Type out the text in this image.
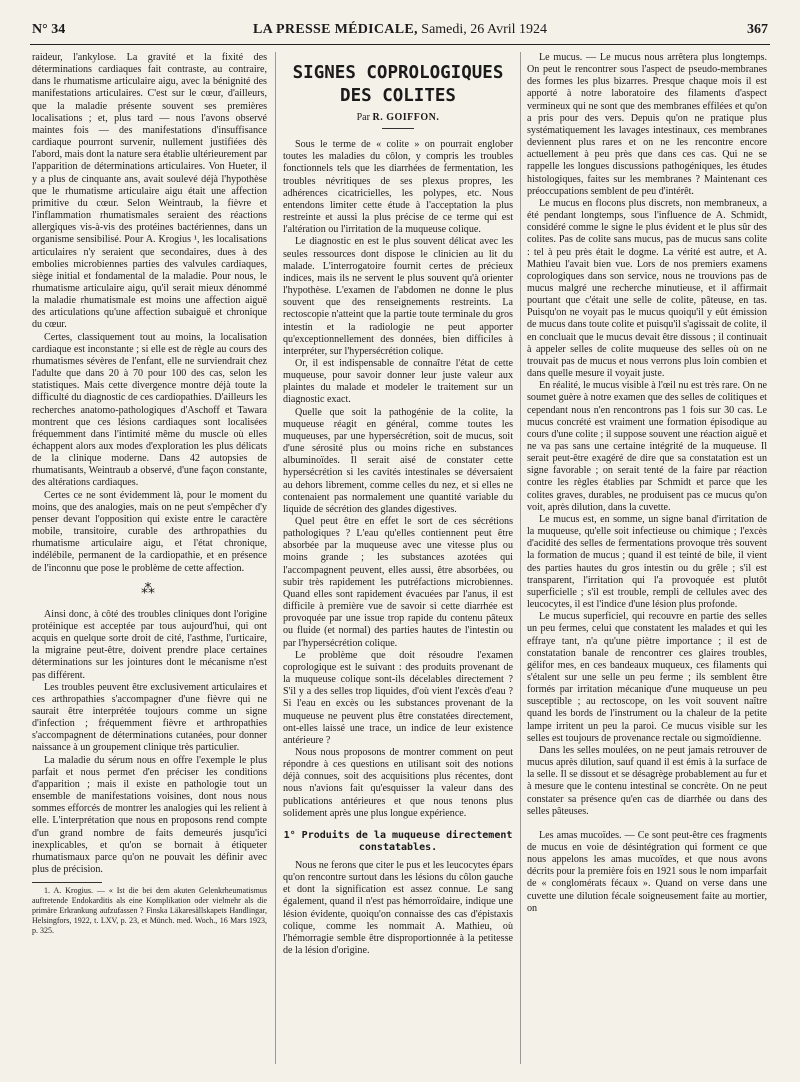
N° 34	LA PRESSE MÉDICALE, Samedi, 26 Avril 1924	367

raideur, l'ankylose. La gravité et la fixité des déterminations cardiaques fait contraste, au contraire, dans le rhumatisme articulaire aigu, avec la bénignité des manifestations articulaires. C'est sur le cœur, d'ailleurs, que la maladie présente souvent ses premières localisations ; et, plus tard — nous l'avons observé maintes fois — des manifestations d'insuffisance cardiaque pourront survenir, nullement justifiées dès l'abord, mais dont la nature sera établie ultérieurement par l'apparition de déterminations articulaires. Von Hueter, il y a plus de cinquante ans, avait soulevé déjà l'hypothèse que le rhumatisme articulaire aigu était une affection primitive du cœur. Selon Weintraub, la fièvre et l'inflammation rhumatismales seraient des réactions allergiques vis-à-vis des protéines bactériennes, dans un organisme sensibilisé. Pour A. Krogius ¹, les localisations articulaires n'y seraient que secondaires, dues à des embolies microbiennes parties des valvules cardiaques, siège initial et fondamental de la maladie. Pour nous, le rhumatisme articulaire aigu, qu'il serait mieux dénommé la maladie rhumatismale est moins une affection aiguë des articulations qu'une affection subaiguë et chronique du cœur.

Certes, classiquement tout au moins, la localisation cardiaque est inconstante ; si elle est de règle au cours des rhumatismes sévères de l'enfant, elle ne surviendrait chez l'adulte que dans 20 à 70 pour 100 des cas, selon les statistiques. Mais cette divergence montre déjà toute la difficulté du diagnostic de ces cardiopathies. D'ailleurs les recherches anatomo-pathologiques d'Aschoff et Tawara montrent que ces lésions cardiaques sont localisées fréquemment dans l'intimité même du muscle où elles échappent alors aux modes d'exploration les plus délicats de la clinique moderne. Dans 42 autopsies de rhumatisants, Weintraub a observé, d'une façon constante, des altérations cardiaques.

Certes ce ne sont évidemment là, pour le moment du moins, que des analogies, mais on ne peut s'empêcher d'y penser devant l'opposition qui existe entre le caractère mobile, transitoire, curable des arthropathies du rhumatisme articulaire aigu, et l'état chronique, indélébile, permanent de la cardiopathie, et en présence de l'inconnu que pose le problème de cette affection.

⁂

Ainsi donc, à côté des troubles cliniques dont l'origine protéinique est acceptée par tous aujourd'hui, qui ont acquis en quelque sorte droit de cité, l'asthme, l'urticaire, la migraine peut-être, doivent prendre place certaines déterminations sur les jointures dont le mécanisme n'est pas différent.

Les troubles peuvent être exclusivement articulaires et ces arthropathies s'accompagner d'une fièvre qui ne saurait être interprétée toujours comme un signe d'infection ; fréquemment fièvre et arthropathies s'accompagnent de déterminations cutanées, pour donner naissance à un groupement clinique très particulier.

La maladie du sérum nous en offre l'exemple le plus parfait et nous permet d'en préciser les conditions d'apparition ; mais il existe en pathologie tout un ensemble de manifestations voisines, dont nous nous sommes efforcés de montrer les analogies qui les relient à elle. L'interprétation que nous en proposons rend compte d'un grand nombre de faits demeurés jusqu'ici inexplicables, et qu'on se bornait à étiqueter rhumatismaux parce qu'on ne pouvait les définir avec plus de précision.

1. A. Krogius. — « Ist die bei dem akuten Gelenkrheumatismus auftretende Endokarditis als eine Komplikation oder vielmehr als die primäre Erkrankung aufzufassen ? Finska Läkaresällskapets Handlingar, Helsingfors, 1922, t. LXV, p. 23, et Münch. med. Woch., 16 Mars 1923, p. 325.

SIGNES COPROLOGIQUES DES COLITES
Par R. GOIFFON.

Sous le terme de « colite » on pourrait englober toutes les maladies du côlon, y compris les troubles fonctionnels tels que les diarrhées de fermentation, les troubles névritiques de ses plexus propres, les adhérences cicatricielles, les polypes, etc. Nous entendons limiter cette étude à l'acceptation la plus restreinte et aussi la plus précise de ce terme qui est l'altération ou l'irritation de la muqueuse colique.

Le diagnostic en est le plus souvent délicat avec les seules ressources dont dispose le clinicien au lit du malade. L'interrogatoire fournit certes de précieux indices, mais ils ne servent le plus souvent qu'à orienter l'hypothèse. L'examen de l'abdomen ne donne le plus souvent que des renseignements restreints. La rectoscopie n'atteint que la partie toute terminale du gros intestin et la radiologie ne peut apporter qu'exceptionnellement des données, bien difficiles à interpréter, sur l'hypersécrétion colique.

Or, il est indispensable de connaître l'état de cette muqueuse, pour savoir donner leur juste valeur aux plaintes du malade et modeler le traitement sur un diagnostic exact.

Quelle que soit la pathogénie de la colite, la muqueuse réagit en général, comme toutes les muqueuses, par une hypersécrétion, soit de mucus, soit d'une sérosité plus ou moins riche en substances albuminoïdes. Il serait aisé de constater cette hypersécrétion si les cavités intestinales se déversaient au dehors librement, comme celles du nez, et si elles ne contenaient pas normalement une quantité variable du liquide de sécrétion des glandes digestives.

Quel peut être en effet le sort de ces sécrétions pathologiques ? L'eau qu'elles contiennent peut être absorbée par la muqueuse avec une vitesse plus ou moins grande ; les substances azotées qui l'accompagnent peuvent, elles aussi, être absorbées, ou subir très rapidement les putréfactions microbiennes. Quand elles sont rapidement évacuées par l'anus, il est difficile à première vue de savoir si cette diarrhée est provoquée par une issue trop rapide du contenu pâteux ou fluide (et normal) des parties hautes de l'intestin ou par l'hypersécrétion colique.

Le problème que doit résoudre l'examen coprologique est le suivant : des produits provenant de la muqueuse colique sont-ils décelables directement ? S'il y a des selles trop liquides, d'où vient l'excès d'eau ? Si l'eau en excès ou les substances provenant de la muqueuse ne peuvent plus être constatées directement, ont-elles laissé une trace, un indice de leur existence antérieure ?

Nous nous proposons de montrer comment on peut répondre à ces questions en utilisant soit des notions déjà connues, soit des acquisitions plus récentes, dont nous n'avions fait qu'esquisser la valeur dans des publications antérieures et que nous tenons plus solidement après une plus longue expérience.

1° Produits de la muqueuse directement constatables.

Nous ne ferons que citer le pus et les leucocytes épars qu'on rencontre surtout dans les lésions du côlon gauche et dont la signification est assez connue. Le sang également, quand il n'est pas hémorroïdaire, indique une lésion évidente, quoiqu'on connaisse des cas d'épistaxis colique, comme les nommait A. Mathieu, où l'hémorragie semble être disproportionnée à la petitesse de la lésion d'origine.

Le mucus. — Le mucus nous arrêtera plus longtemps. On peut le rencontrer sous l'aspect de pseudo-membranes des formes les plus bizarres. Presque chaque mois il est apporté à notre laboratoire des filaments d'aspect vermineux qui ne sont que des membranes effilées et qu'on a pris pour des vers. Depuis qu'on ne pratique plus systématiquement les lavages intestinaux, ces membranes deviennent plus rares et on ne les rencontre encore actuellement à peu près que dans ces cas. Qui ne se rappelle les longues discussions pathogéniques, les études histologiques, faites sur les membranes ? Maintenant ces préoccupations semblent de peu d'intérêt.

Le mucus en flocons plus discrets, non membraneux, a été pendant longtemps, sous l'influence de A. Schmidt, considéré comme le signe le plus évident et le plus sûr des colites. Pas de colite sans mucus, pas de mucus sans colite : tel à peu près était le dogme. La vérité est autre, et A. Mathieu l'avait bien vue. Lors de nos premiers examens coprologiques dans son service, nous ne trouvions pas de mucus malgré une recherche minutieuse, et il affirmait pourtant que c'était une selle de colite, pâteuse, en tas. Puisqu'on ne voyait pas le mucus quoiqu'il y eût émission de mucus dans toute colite et puisqu'il s'agissait de colite, il en concluait que le mucus devait être dissous ; il continuait à appeler selles de colite muqueuse des selles où on ne trouvait pas de mucus et nous verrons plus loin combien et dans quelle mesure il voyait juste.

En réalité, le mucus visible à l'œil nu est très rare. On ne soumet guère à notre examen que des selles de colitiques et cependant nous n'en rencontrons pas 1 fois sur 30 cas. Le mucus concrété est vraiment une formation épisodique au cours d'une colite ; il suppose souvent une réaction aiguë et ne va pas sans une certaine intégrité de la muqueuse. Il serait peut-être exagéré de dire que sa constatation est un signe favorable ; on serait tenté de la faire par réaction contre les règles établies par Schmidt et parce que les colites graves, durables, ne produisent pas ce mucus qu'on voit, après dilution, dans la cuvette.

Le mucus est, en somme, un signe banal d'irritation de la muqueuse, qu'elle soit infectieuse ou chimique ; l'excès d'acidité des selles de fermentations provoque très souvent la formation de mucus ; quand il est teinté de bile, il vient des parties hautes du gros intestin ou du grêle ; s'il est transparent, l'irritation qui l'a provoquée est plutôt superficielle ; s'il est trouble, rempli de cellules avec des leucocytes, il est l'indice d'une lésion plus profonde.

Le mucus superficiel, qui recouvre en partie des selles un peu fermes, celui que constatent les malades et qui les effraye tant, n'a qu'une piètre importance ; il est de constatation banale de rencontrer ces glaires troubles, gélifor mes, en ces bandeaux muqueux, ces filaments qui s'étalent sur une selle un peu ferme ; ils semblent être formés par irritation mécanique d'une muqueuse un peu susceptible ; au rectoscope, on les voit souvent naître quand les bords de l'instrument ou la chaleur de la petite lampe irritent un peu la paroi. Ce mucus visible sur les selles est toujours de provenance rectale ou sigmoïdienne.

Dans les selles moulées, on ne peut jamais retrouver de mucus après dilution, sauf quand il est émis à la surface de la selle. Il se dissout et se désagrège probablement au fur et à mesure que le contenu intestinal se concrète. On ne peut constater sa présence qu'en cas de diarrhée ou dans des selles pâteuses.

Les amas mucoïdes. — Ce sont peut-être ces fragments de mucus en voie de désintégration qui forment ce que nous appelons les amas mucoïdes, et que nous avons décrits pour la première fois en 1921 sous le nom imparfait de « conglomérats fécaux ». Quand on verse dans une cuvette une dilution fécale soigneusement faite au mortier, on
